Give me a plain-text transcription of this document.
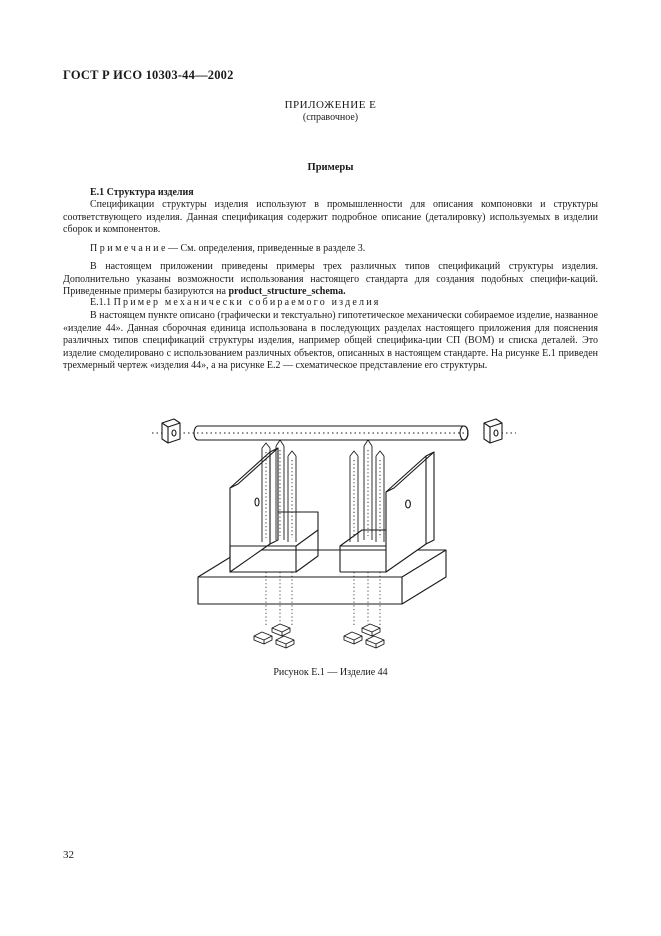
ГОСТ Р ИСО 10303-44—2002
ПРИЛОЖЕНИЕ Е
(справочное)
Примеры
Е.1 Структура изделия

Спецификации структуры изделия используют в промышленности для описания компоновки и структуры соответствующего изделия. Данная спецификация содержит подробное описание (деталировку) используемых в изделии сборок и компонентов.

П р и м е ч а н и е — См. определения, приведенные в разделе 3.

В настоящем приложении приведены примеры трех различных типов спецификаций структуры изделия. Дополнительно указаны возможности использования настоящего стандарта для создания подобных специфи-каций. Приведенные примеры базируются на product_structure_schema.

Е.1.1 Пример механически собираемого изделия

В настоящем пункте описано (графически и текстуально) гипотетическое механически собираемое изделие, названное «изделие 44». Данная сборочная единица использована в последующих разделах настоящего приложения для пояснения различных типов спецификаций структуры изделия, например общей специфика-ции СП (BOM) и списка деталей. Это изделие смоделировано с использованием различных объектов, описанных в настоящем стандарте. На рисунке Е.1 приведен трехмерный чертеж «изделия 44», а на рисунке Е.2 — схематическое представление его структуры.

Рисунок Е.1 — Изделие 44
32
